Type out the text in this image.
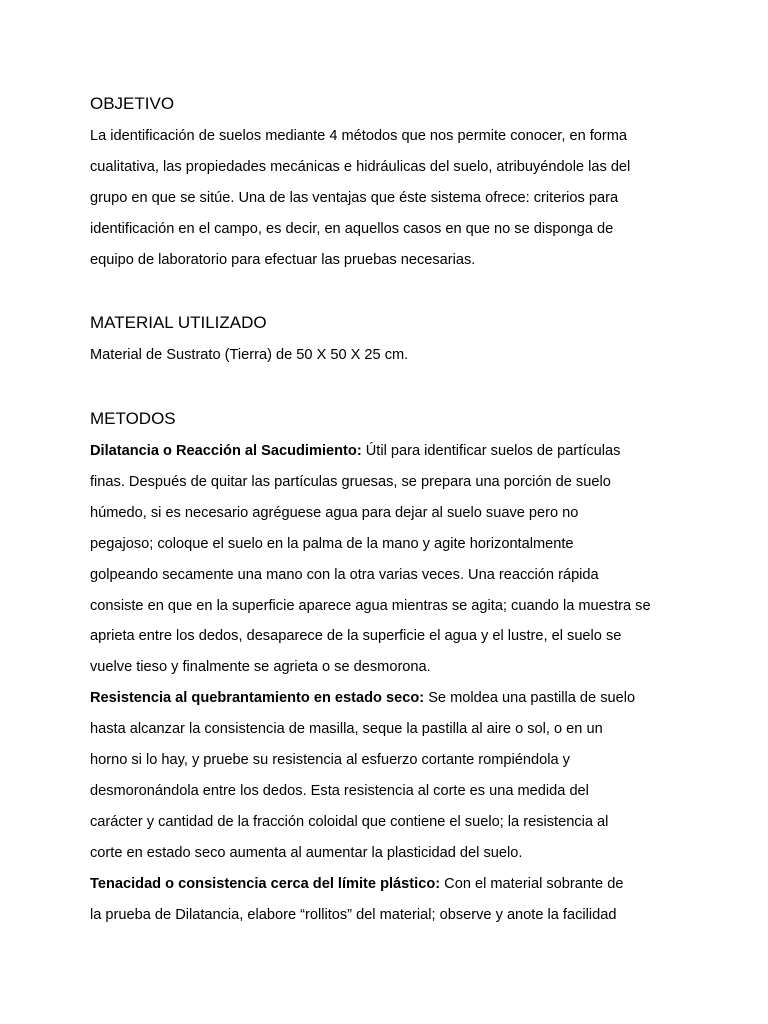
OBJETIVO

La identificación de suelos mediante 4 métodos que nos permite conocer, en forma

cualitativa, las propiedades mecánicas e hidráulicas del suelo, atribuyéndole las del

grupo en que se sitúe. Una de las ventajas que éste sistema ofrece: criterios para

identificación en el campo, es decir, en aquellos casos en que no se disponga de

equipo de laboratorio para efectuar las pruebas necesarias.

MATERIAL UTILIZADO

Material de Sustrato (Tierra) de 50 X 50 X 25 cm.

METODOS

Dilatancia o Reacción al Sacudimiento: Útil para identificar suelos de partículas

finas. Después de quitar las partículas gruesas, se prepara una porción de suelo

húmedo, si es necesario agréguese agua para dejar al suelo suave pero no

pegajoso; coloque el suelo en la palma de la mano y agite horizontalmente

golpeando secamente una mano con la otra varias veces. Una reacción rápida

consiste en que en la superficie aparece agua mientras se agita; cuando la muestra se

aprieta entre los dedos, desaparece de la superficie el agua y el lustre, el suelo se

vuelve tieso y finalmente se agrieta o se desmorona.

Resistencia al quebrantamiento en estado seco: Se moldea una pastilla de suelo

hasta alcanzar la consistencia de masilla, seque la pastilla al aire o sol, o en un

horno si lo hay, y pruebe su resistencia al esfuerzo cortante rompiéndola y

desmoronándola entre los dedos. Esta resistencia al corte es una medida del

carácter y cantidad de la fracción coloidal que contiene el suelo; la resistencia al

corte en estado seco aumenta al aumentar la plasticidad del suelo.

Tenacidad o consistencia cerca del límite plástico: Con el material sobrante de

la prueba de Dilatancia, elabore “rollitos” del material; observe y anote la facilidad
